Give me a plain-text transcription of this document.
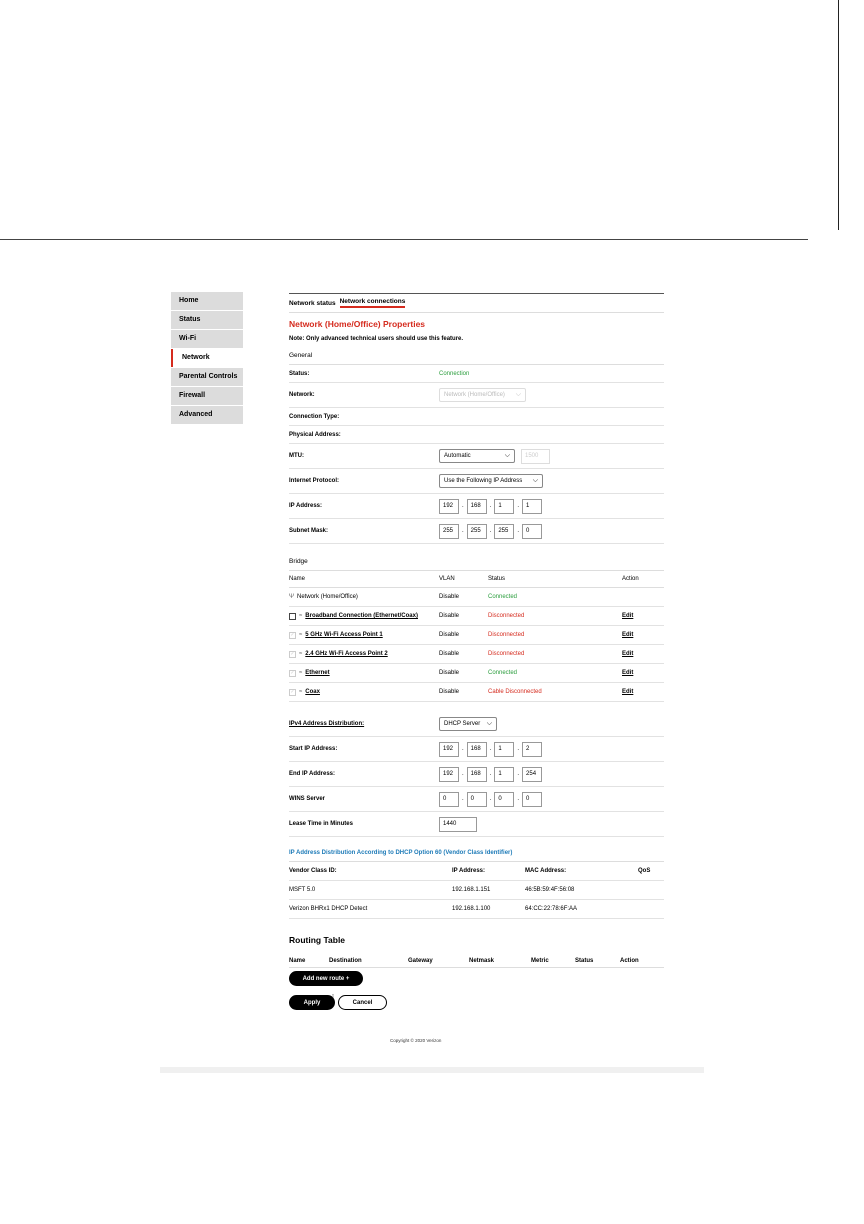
Home
Status
Wi-Fi
Network
Parental Controls
Firewall
Advanced
Network status Network connections
Network (Home/Office) Properties
Note: Only advanced technical users should use this feature.
General
Status:	Connection
Network:	Network (Home/Office) ⌵
Connection Type:
Physical Address:
MTU:	Automatic	⌵	1500
Internet Protocol:	Use the Following IP Address ⌵
IP Address:	192	.	168	.	1	.	1
Subnet Mask:	255	.	255	.	255	.	0
Bridge
Name	VLAN	Status	Action
Ψ Network (Home/Office)	Disable	Connected
≈ Broadband Connection (Ethernet/Coax)	Disable	Disconnected	Edit
✓ ≈ 5 GHz Wi-Fi Access Point 1	Disable	Disconnected	Edit
✓ ≈ 2.4 GHz Wi-Fi Access Point 2	Disable	Disconnected	Edit
✓ ≈ Ethernet	Disable	Connected	Edit
✓ ≈ Coax	Disable	Cable Disconnected	Edit
IPv4 Address Distribution:	DHCP Server ⌵
Start IP Address:	192	.	168	.	1	.	2
End IP Address:	192	.	168	.	1	.	254
WINS Server	0	.	0	.	0	.	0
Lease Time in Minutes	1440
IP Address Distribution According to DHCP Option 60 (Vendor Class Identifier)
Vendor Class ID:	IP Address:	MAC Address:	QoS
MSFT 5.0	192.168.1.151	46:5B:59:4F:56:08
Verizon BHRx1 DHCP Detect	192.168.1.100	64:CC:22:78:6F:AA
Routing Table
Name	Destination	Gateway	Netmask	Metric	Status	Action
Add new route +
Apply	Cancel
☝
Copyright © 2020 Verizon
